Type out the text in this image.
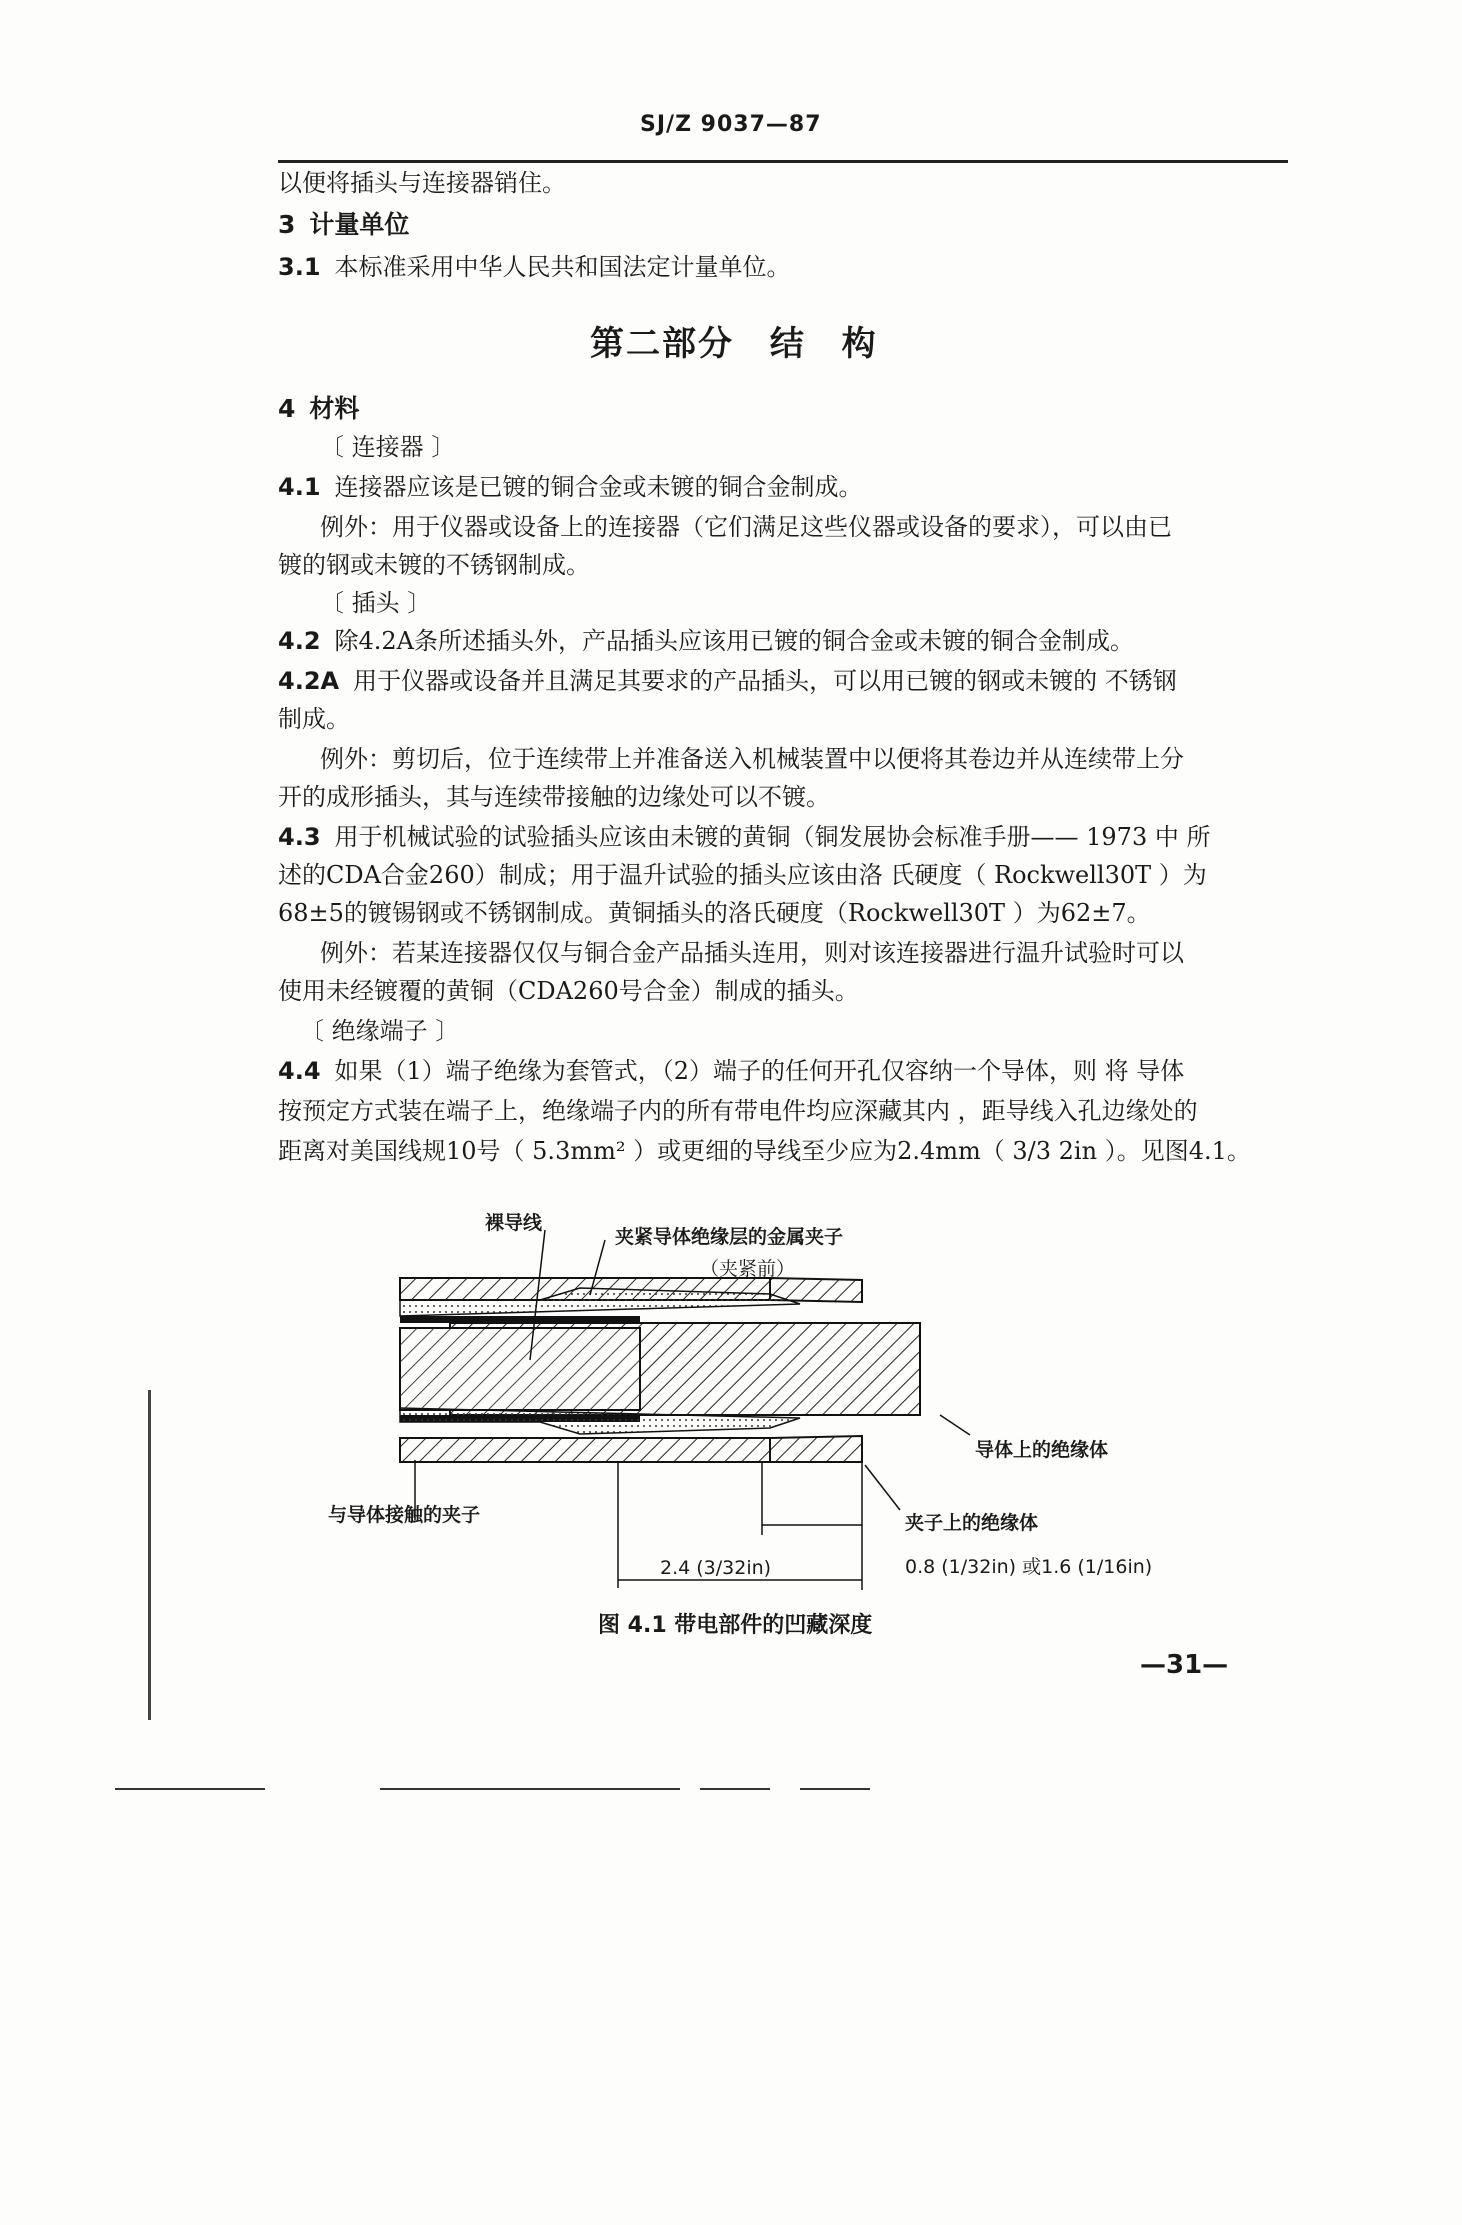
SJ/Z 9037—87
以便将插头与连接器销住。
3 计量单位
3.1 本标准采用中华人民共和国法定计量单位。
第二部分 结 构
4 材料
〔 连接器 〕
4.1 连接器应该是已镀的铜合金或未镀的铜合金制成。
例外：用于仪器或设备上的连接器（它们满足这些仪器或设备的要求），可以由已
镀的钢或未镀的不锈钢制成。
〔 插头 〕
4.2 除4.2A条所述插头外，产品插头应该用已镀的铜合金或未镀的铜合金制成。
4.2A 用于仪器或设备并且满足其要求的产品插头，可以用已镀的钢或未镀的 不锈钢
制成。
例外：剪切后，位于连续带上并准备送入机械装置中以便将其卷边并从连续带上分
开的成形插头，其与连续带接触的边缘处可以不镀。
4.3 用于机械试验的试验插头应该由未镀的黄铜（铜发展协会标准手册—— 1973 中 所
述的CDA合金260）制成；用于温升试验的插头应该由洛 氏硬度（ Rockwell30T ）为
68±5的镀锡钢或不锈钢制成。黄铜插头的洛氏硬度（Rockwell30T ）为62±7。
例外：若某连接器仅仅与铜合金产品插头连用，则对该连接器进行温升试验时可以
使用未经镀覆的黄铜（CDA260号合金）制成的插头。
〔 绝缘端子 〕
4.4 如果（1）端子绝缘为套管式，（2）端子的任何开孔仅容纳一个导体，则 将 导体
按预定方式装在端子上，绝缘端子内的所有带电件均应深藏其内 ，距导线入孔边缘处的
距离对美国线规10号（ 5.3mm² ）或更细的导线至少应为2.4mm（ 3/3 2in ）。见图4.1。
裸导线
夹紧导体绝缘层的金属夹子
（夹紧前）
导体上的绝缘体
与导体接触的夹子	夹子上的绝缘体
2.4 (3/32in)	0.8 (1/32in) 或1.6 (1/16in)
图 4.1 带电部件的凹藏深度
—31—
